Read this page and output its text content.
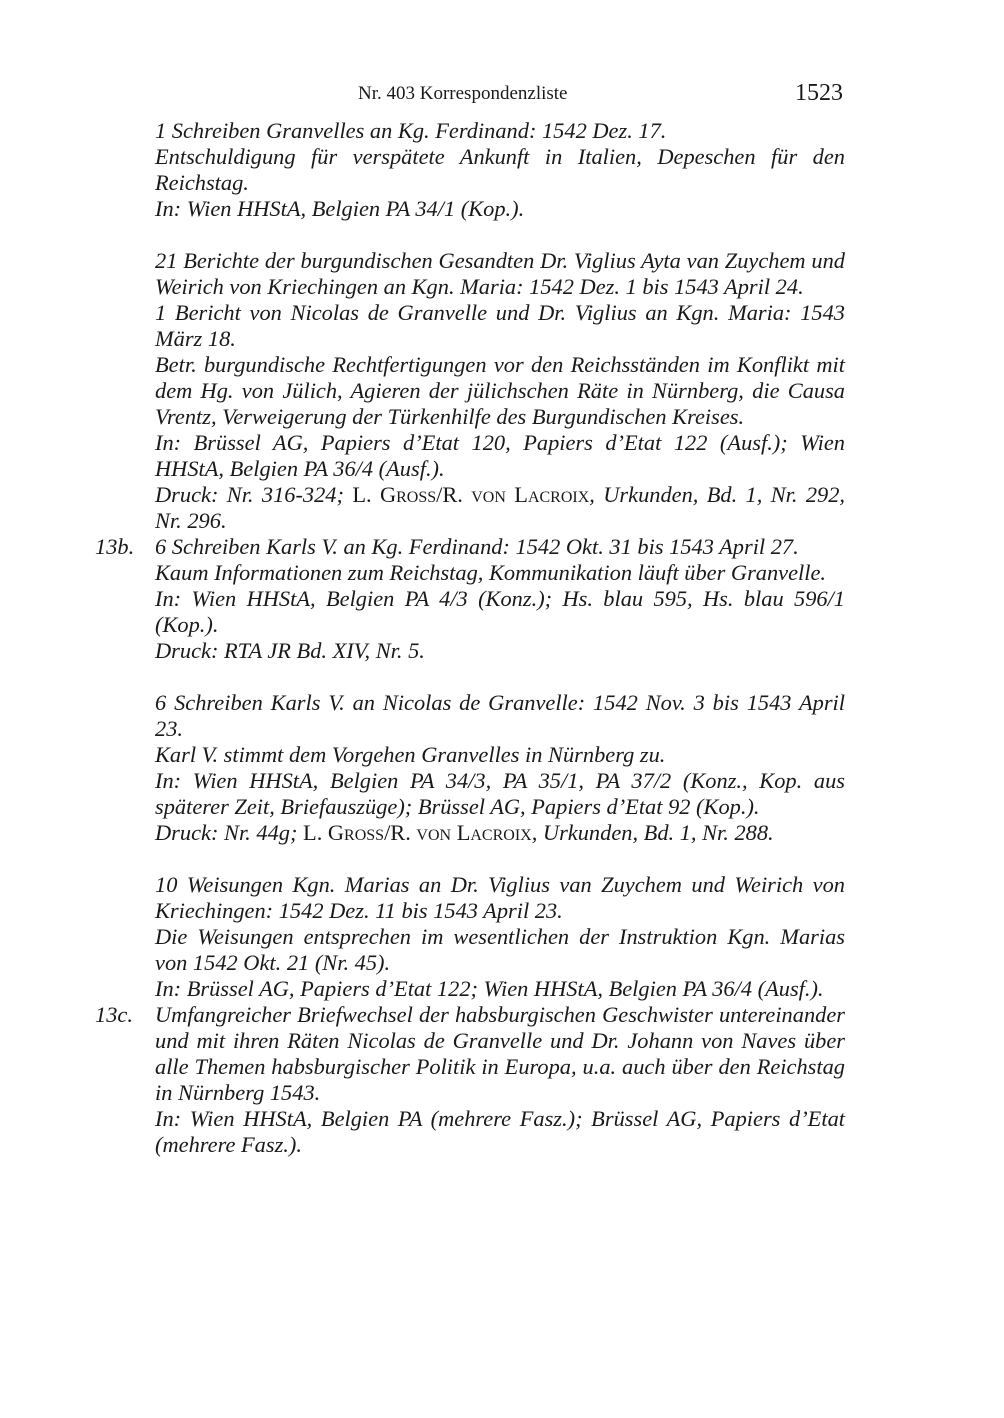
Nr. 403 Korrespondenzliste	1523
1 Schreiben Granvelles an Kg. Ferdinand: 1542 Dez. 17.
Entschuldigung für verspätete Ankunft in Italien, Depeschen für den Reichstag.
In: Wien HHStA, Belgien PA 34/1 (Kop.).
21 Berichte der burgundischen Gesandten Dr. Viglius Ayta van Zuychem und Weirich von Kriechingen an Kgn. Maria: 1542 Dez. 1 bis 1543 April 24.
1 Bericht von Nicolas de Granvelle und Dr. Viglius an Kgn. Maria: 1543 März 18.
Betr. burgundische Rechtfertigungen vor den Reichsständen im Konflikt mit dem Hg. von Jülich, Agieren der jülichschen Räte in Nürnberg, die Causa Vrentz, Verweigerung der Türkenhilfe des Burgundischen Kreises.
In: Brüssel AG, Papiers d’Etat 120, Papiers d’Etat 122 (Ausf.); Wien HHStA, Belgien PA 36/4 (Ausf.).
Druck: Nr. 316-324; L. Groß/R. von Lacroix, Urkunden, Bd. 1, Nr. 292, Nr. 296.
13b. 6 Schreiben Karls V. an Kg. Ferdinand: 1542 Okt. 31 bis 1543 April 27.
Kaum Informationen zum Reichstag, Kommunikation läuft über Granvelle.
In: Wien HHStA, Belgien PA 4/3 (Konz.); Hs. blau 595, Hs. blau 596/1 (Kop.).
Druck: RTA JR Bd. XIV, Nr. 5.
6 Schreiben Karls V. an Nicolas de Granvelle: 1542 Nov. 3 bis 1543 April 23.
Karl V. stimmt dem Vorgehen Granvelles in Nürnberg zu.
In: Wien HHStA, Belgien PA 34/3, PA 35/1, PA 37/2 (Konz., Kop. aus späterer Zeit, Briefauszüge); Brüssel AG, Papiers d’Etat 92 (Kop.).
Druck: Nr. 44g; L. Groß/R. von Lacroix, Urkunden, Bd. 1, Nr. 288.
10 Weisungen Kgn. Marias an Dr. Viglius van Zuychem und Weirich von Kriechingen: 1542 Dez. 11 bis 1543 April 23.
Die Weisungen entsprechen im wesentlichen der Instruktion Kgn. Marias von 1542 Okt. 21 (Nr. 45).
In: Brüssel AG, Papiers d’Etat 122; Wien HHStA, Belgien PA 36/4 (Ausf.).
13c. Umfangreicher Briefwechsel der habsburgischen Geschwister untereinander und mit ihren Räten Nicolas de Granvelle und Dr. Johann von Naves über alle Themen habsburgischer Politik in Europa, u.a. auch über den Reichstag in Nürnberg 1543.
In: Wien HHStA, Belgien PA (mehrere Fasz.); Brüssel AG, Papiers d’Etat (mehrere Fasz.).
